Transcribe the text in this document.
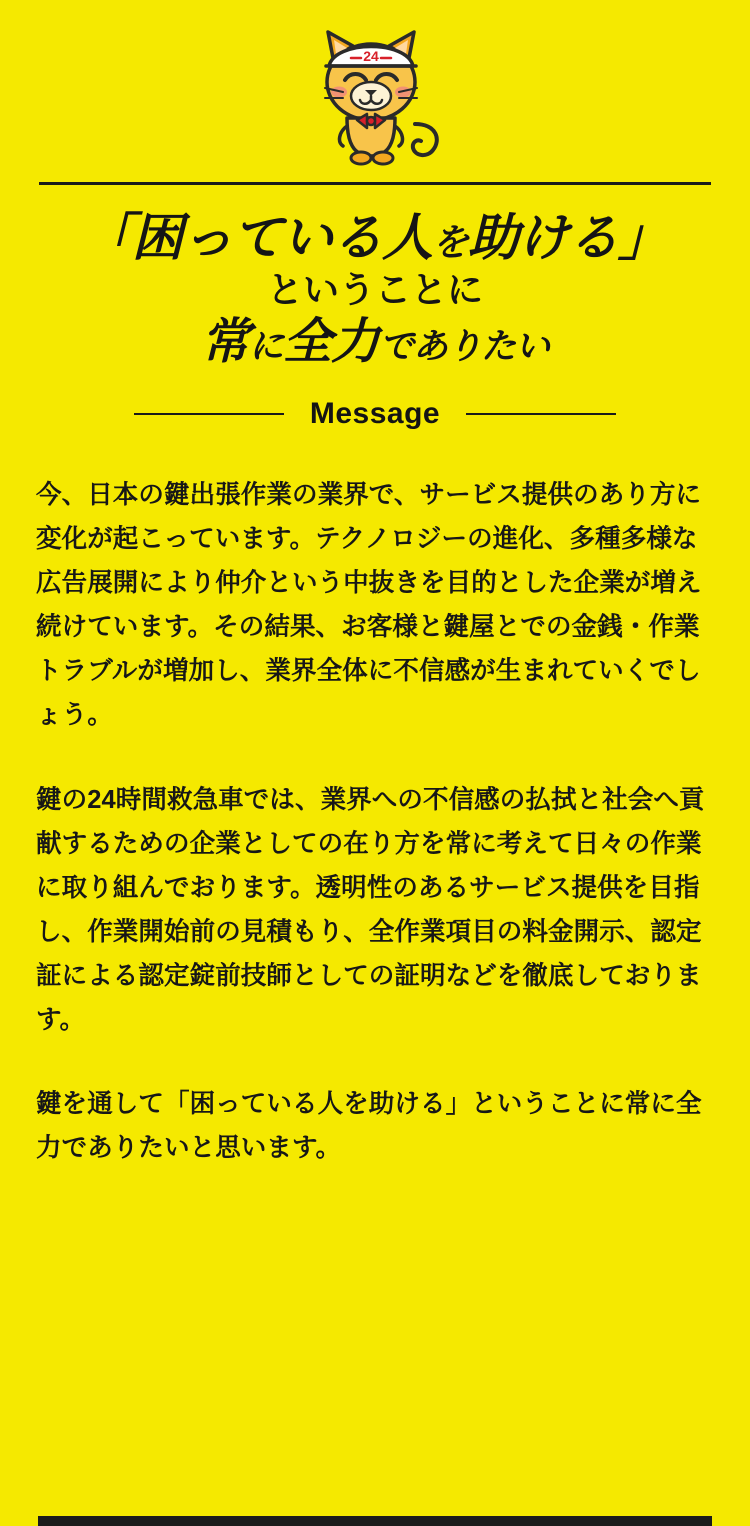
24
「困っている人を助ける」
ということに
常に全力でありたい
Message

今、日本の鍵出張作業の業界で、サービス提供のあり方に変化が起こっています。テクノロジーの進化、多種多様な広告展開により仲介という中抜きを目的とした企業が増え続けています。その結果、お客様と鍵屋とでの金銭・作業トラブルが増加し、業界全体に不信感が生まれていくでしょう。

鍵の24時間救急車では、業界への不信感の払拭と社会へ貢献するための企業としての在り方を常に考えて日々の作業に取り組んでおります。透明性のあるサービス提供を目指し、作業開始前の見積もり、全作業項目の料金開示、認定証による認定錠前技師としての証明などを徹底しております。

鍵を通して「困っている人を助ける」ということに常に全力でありたいと思います。
